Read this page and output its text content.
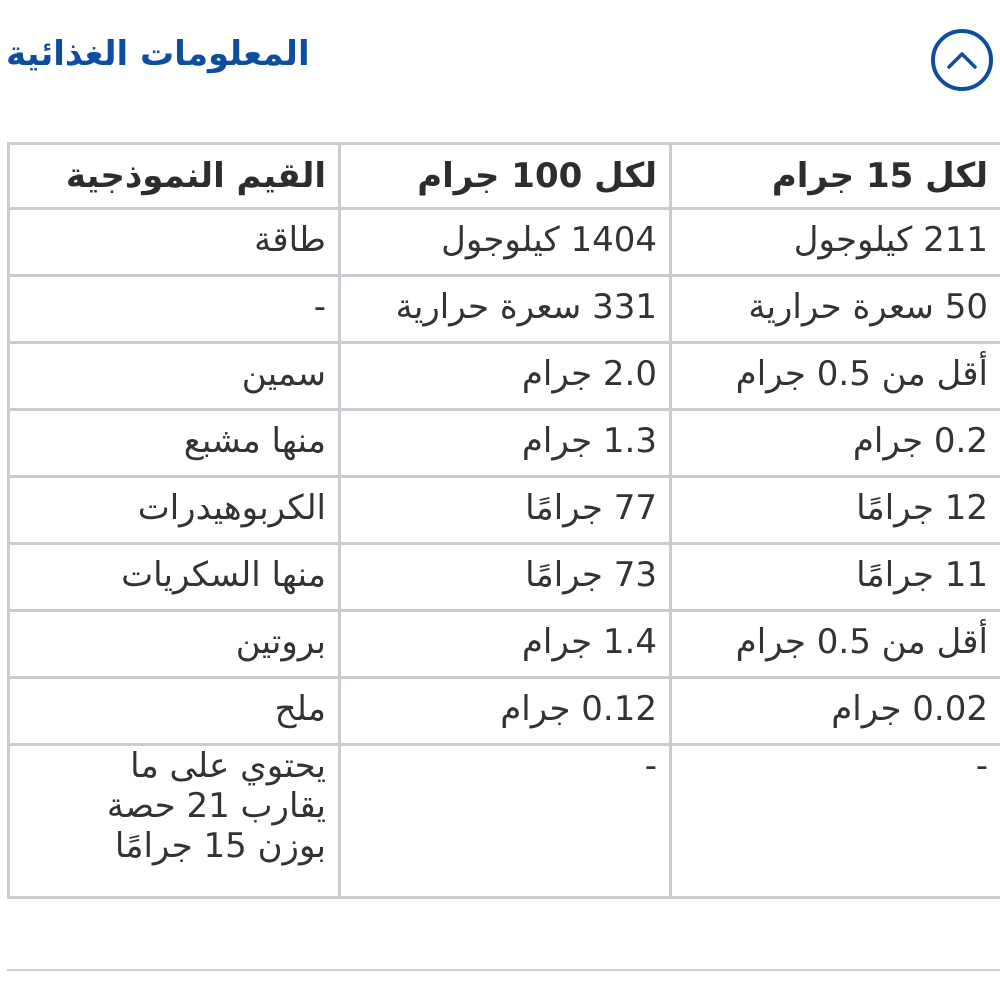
المعلومات الغذائية
القيم النموذجية	لكل 100 جرام	لكل 15 جرام
طاقة	1404 كيلوجول	211 كيلوجول
-	331 سعرة حرارية	50 سعرة حرارية
سمين	2.0 جرام	أقل من 0.5 جرام
منها مشبع	1.3 جرام	0.2 جرام
الكربوهيدرات	77 جرامًا	12 جرامًا
منها السكريات	73 جرامًا	11 جرامًا
بروتين	1.4 جرام	أقل من 0.5 جرام
ملح	0.12 جرام	0.02 جرام
يحتوي على ما يقارب 21 حصة بوزن 15 جرامًا	-	-
